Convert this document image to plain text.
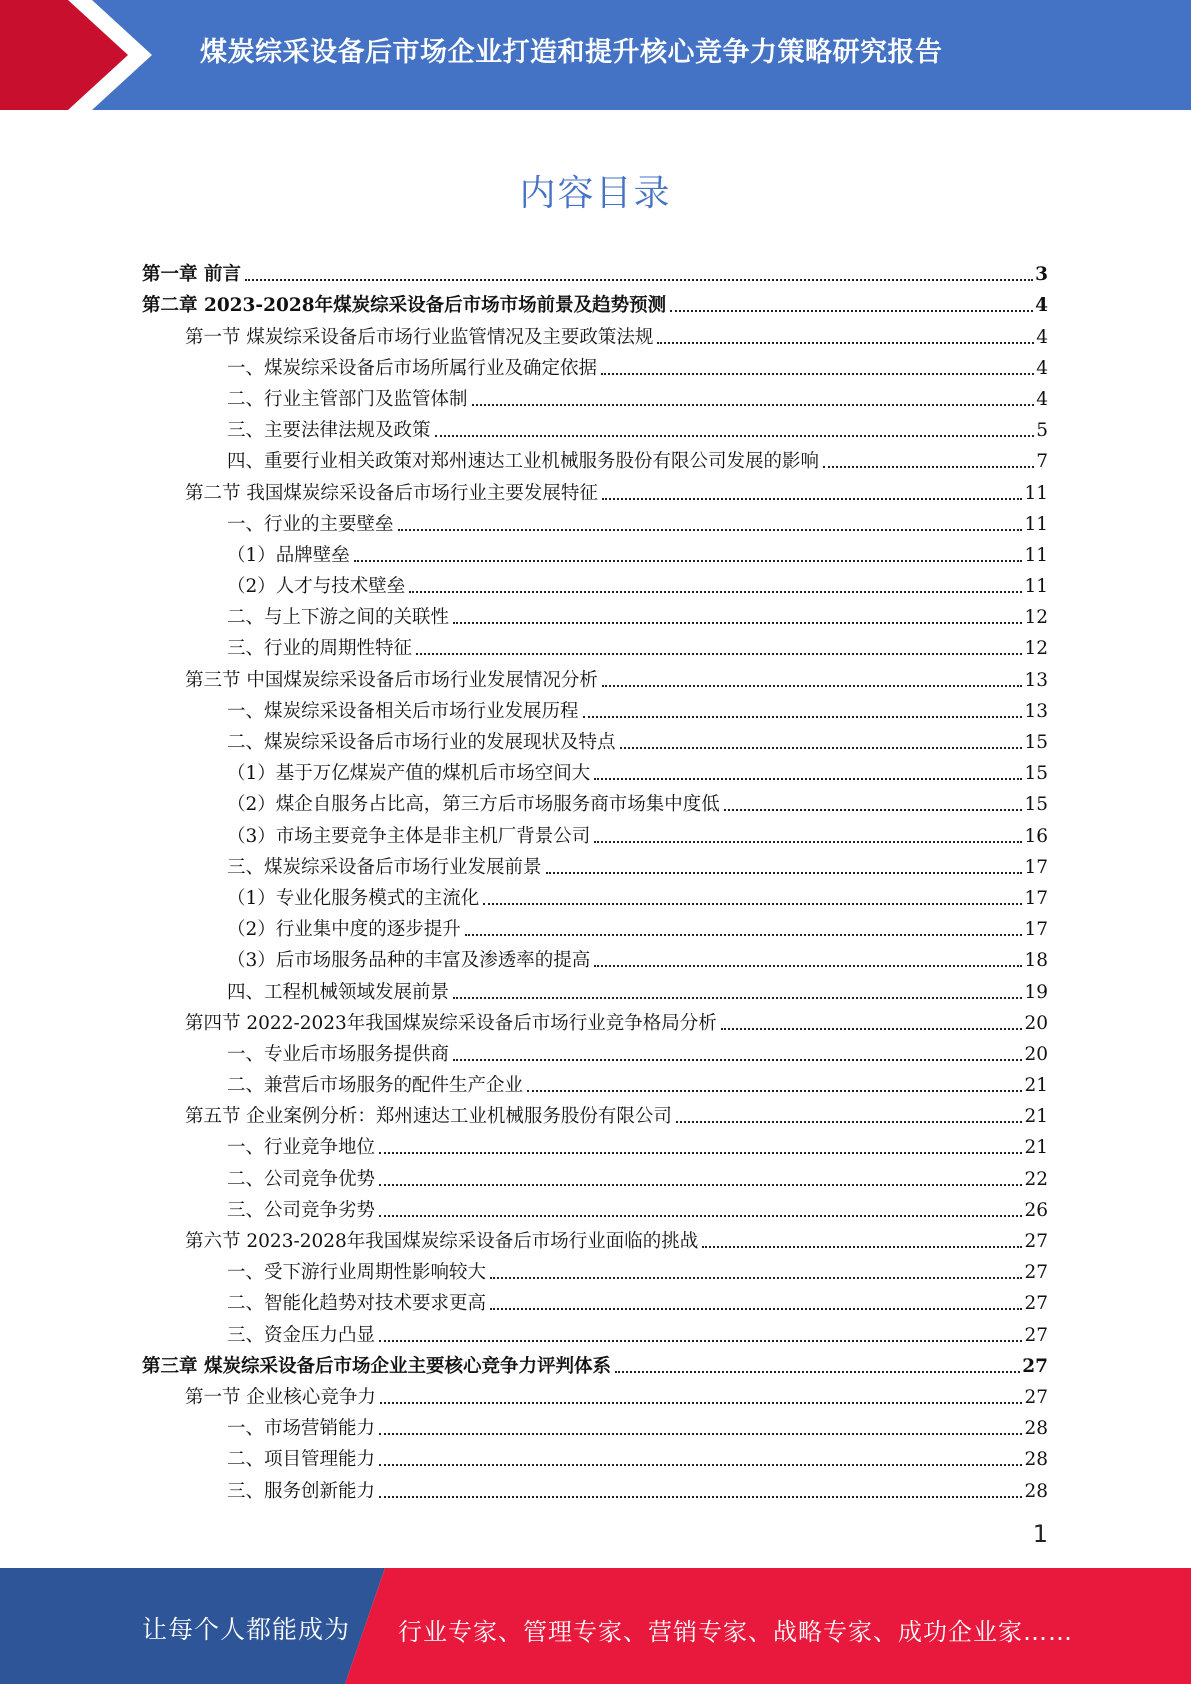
煤炭综采设备后市场企业打造和提升核心竞争力策略研究报告
内容目录
第一章 前言	3
第二章 2023-2028年煤炭综采设备后市场市场前景及趋势预测	4
第一节 煤炭综采设备后市场行业监管情况及主要政策法规	4
一、煤炭综采设备后市场所属行业及确定依据	4
二、行业主管部门及监管体制	4
三、主要法律法规及政策	5
四、重要行业相关政策对郑州速达工业机械服务股份有限公司发展的影响	7
第二节 我国煤炭综采设备后市场行业主要发展特征	11
一、行业的主要壁垒	11
（1）品牌壁垒	11
（2）人才与技术壁垒	11
二、与上下游之间的关联性	12
三、行业的周期性特征	12
第三节 中国煤炭综采设备后市场行业发展情况分析	13
一、煤炭综采设备相关后市场行业发展历程	13
二、煤炭综采设备后市场行业的发展现状及特点	15
（1）基于万亿煤炭产值的煤机后市场空间大	15
（2）煤企自服务占比高，第三方后市场服务商市场集中度低	15
（3）市场主要竞争主体是非主机厂背景公司	16
三、煤炭综采设备后市场行业发展前景	17
（1）专业化服务模式的主流化	17
（2）行业集中度的逐步提升	17
（3）后市场服务品种的丰富及渗透率的提高	18
四、工程机械领域发展前景	19
第四节 2022-2023年我国煤炭综采设备后市场行业竞争格局分析	20
一、专业后市场服务提供商	20
二、兼营后市场服务的配件生产企业	21
第五节 企业案例分析：郑州速达工业机械服务股份有限公司	21
一、行业竞争地位	21
二、公司竞争优势	22
三、公司竞争劣势	26
第六节 2023-2028年我国煤炭综采设备后市场行业面临的挑战	27
一、受下游行业周期性影响较大	27
二、智能化趋势对技术要求更高	27
三、资金压力凸显	27
第三章 煤炭综采设备后市场企业主要核心竞争力评判体系	27
第一节 企业核心竞争力	27
一、市场营销能力	28
二、项目管理能力	28
三、服务创新能力	28
1
让每个人都能成为 行业专家、管理专家、营销专家、战略专家、成功企业家……
